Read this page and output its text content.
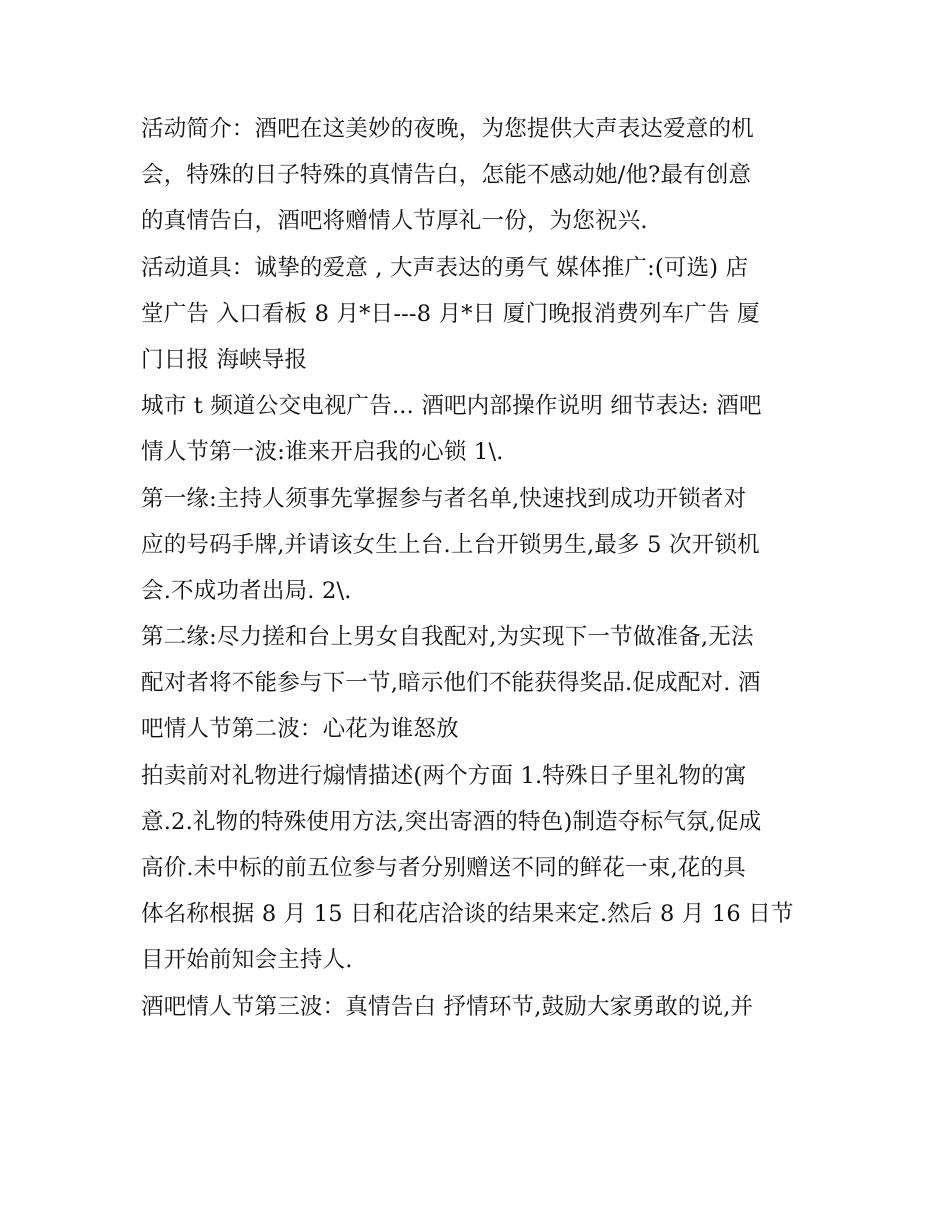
活动简介：酒吧在这美妙的夜晚，为您提供大声表达爱意的机
会，特殊的日子特殊的真情告白，怎能不感动她/他?最有创意
的真情告白，酒吧将赠情人节厚礼一份，为您祝兴.
活动道具：诚挚的爱意 , 大声表达的勇气 媒体推广:(可选) 店
堂广告 入口看板 8 月*日---8 月*日 厦门晚报消费列车广告 厦
门日报 海峡导报
城市 t 频道公交电视广告... 酒吧内部操作说明 细节表达: 酒吧
情人节第一波:谁来开启我的心锁 1\.
第一缘:主持人须事先掌握参与者名单,快速找到成功开锁者对
应的号码手牌,并请该女生上台.上台开锁男生,最多 5 次开锁机
会.不成功者出局. 2\.
第二缘:尽力搓和台上男女自我配对,为实现下一节做准备,无法
配对者将不能参与下一节,暗示他们不能获得奖品.促成配对. 酒
吧情人节第二波：心花为谁怒放
拍卖前对礼物进行煽情描述(两个方面 1.特殊日子里礼物的寓
意.2.礼物的特殊使用方法,突出寄酒的特色)制造夺标气氛,促成
高价.未中标的前五位参与者分别赠送不同的鲜花一束,花的具
体名称根据 8 月 15 日和花店洽谈的结果来定.然后 8 月 16 日节
目开始前知会主持人.
酒吧情人节第三波：真情告白 抒情环节,鼓励大家勇敢的说,并
